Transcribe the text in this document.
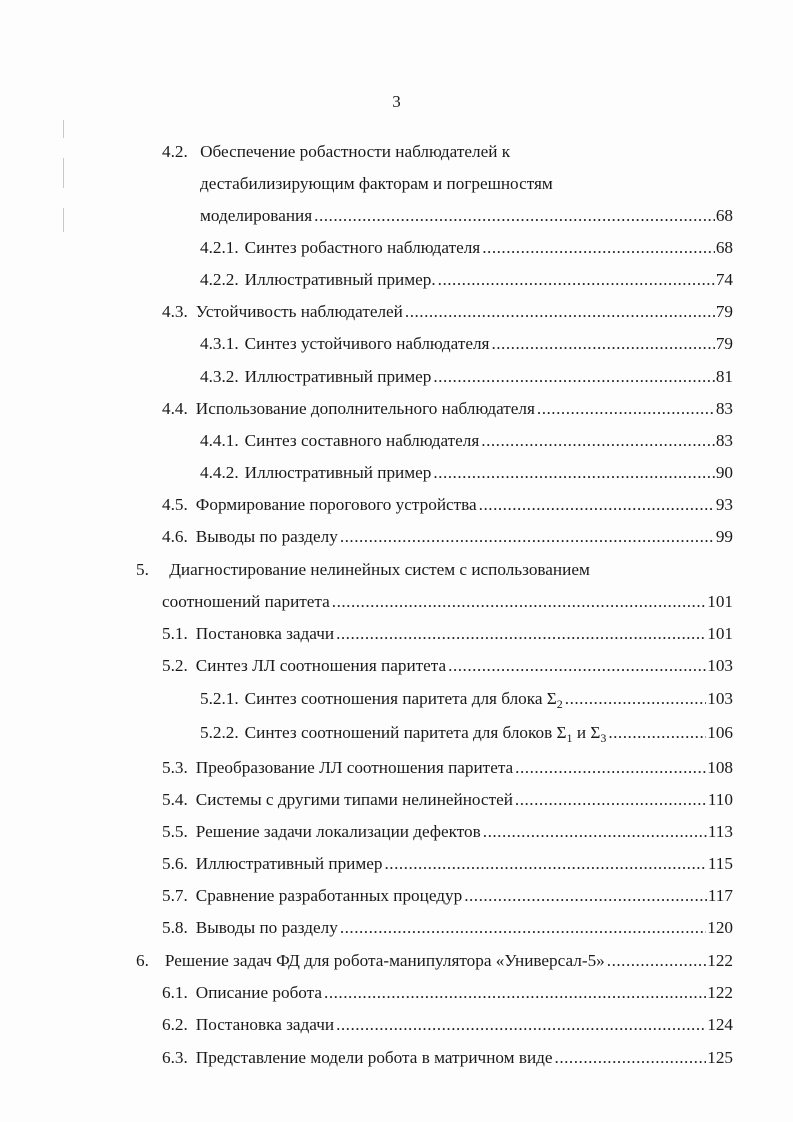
3
4.2. Обеспечение робастности наблюдателей к
дестабилизирующим факторам и погрешностям
моделирования .....	68
4.2.1. Синтез робастного наблюдателя .....	68
4.2.2. Иллюстративный пример. .....	74
4.3. Устойчивость наблюдателей .....	79
4.3.1. Синтез устойчивого наблюдателя .....	79
4.3.2. Иллюстративный пример .....	81
4.4. Использование дополнительного наблюдателя .....	83
4.4.1. Синтез составного наблюдателя .....	83
4.4.2. Иллюстративный пример .....	90
4.5. Формирование порогового устройства .....	93
4.6. Выводы по разделу .....	99
5. Диагностирование нелинейных систем с использованием
соотношений паритета .....	101
5.1. Постановка задачи .....	101
5.2. Синтез ЛЛ соотношения паритета .....	103
5.2.1. Синтез соотношения паритета для блока $\Sigma_2$ .....	103
5.2.2. Синтез соотношений паритета для блоков $\Sigma_1$ и $\Sigma_3$ .....	106
5.3. Преобразование ЛЛ соотношения паритета .....	108
5.4. Системы с другими типами нелинейностей .....	110
5.5. Решение задачи локализации дефектов .....	113
5.6. Иллюстративный пример .....	115
5.7. Сравнение разработанных процедур .....	117
5.8. Выводы по разделу .....	120
6. Решение задач ФД для робота-манипулятора «Универсал-5» .....	122
6.1. Описание робота .....	122
6.2. Постановка задачи .....	124
6.3. Представление модели робота в матричном виде .....	125
